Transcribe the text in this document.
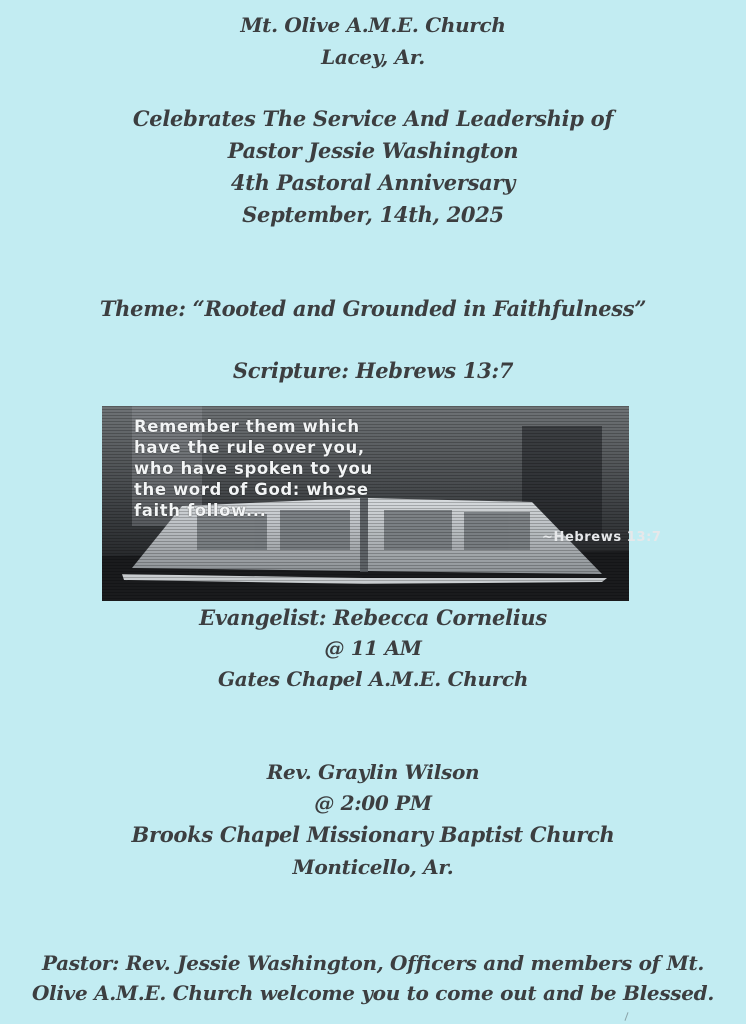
Mt. Olive A.M.E. Church
Lacey, Ar.
Celebrates The Service And Leadership of
Pastor Jessie Washington
4th Pastoral Anniversary
September, 14th, 2025
Theme: “Rooted and Grounded in Faithfulness”
Scripture: Hebrews 13:7
Remember them which
have the rule over you,
who have spoken to you
the word of God: whose
faith follow...
~Hebrews 13:7
Evangelist: Rebecca Cornelius
@ 11 AM
Gates Chapel A.M.E. Church
Rev. Graylin Wilson
@ 2:00 PM
Brooks Chapel Missionary Baptist Church
Monticello, Ar.
Pastor: Rev. Jessie Washington, Officers and members of Mt.
Olive A.M.E. Church welcome you to come out and be Blessed.
